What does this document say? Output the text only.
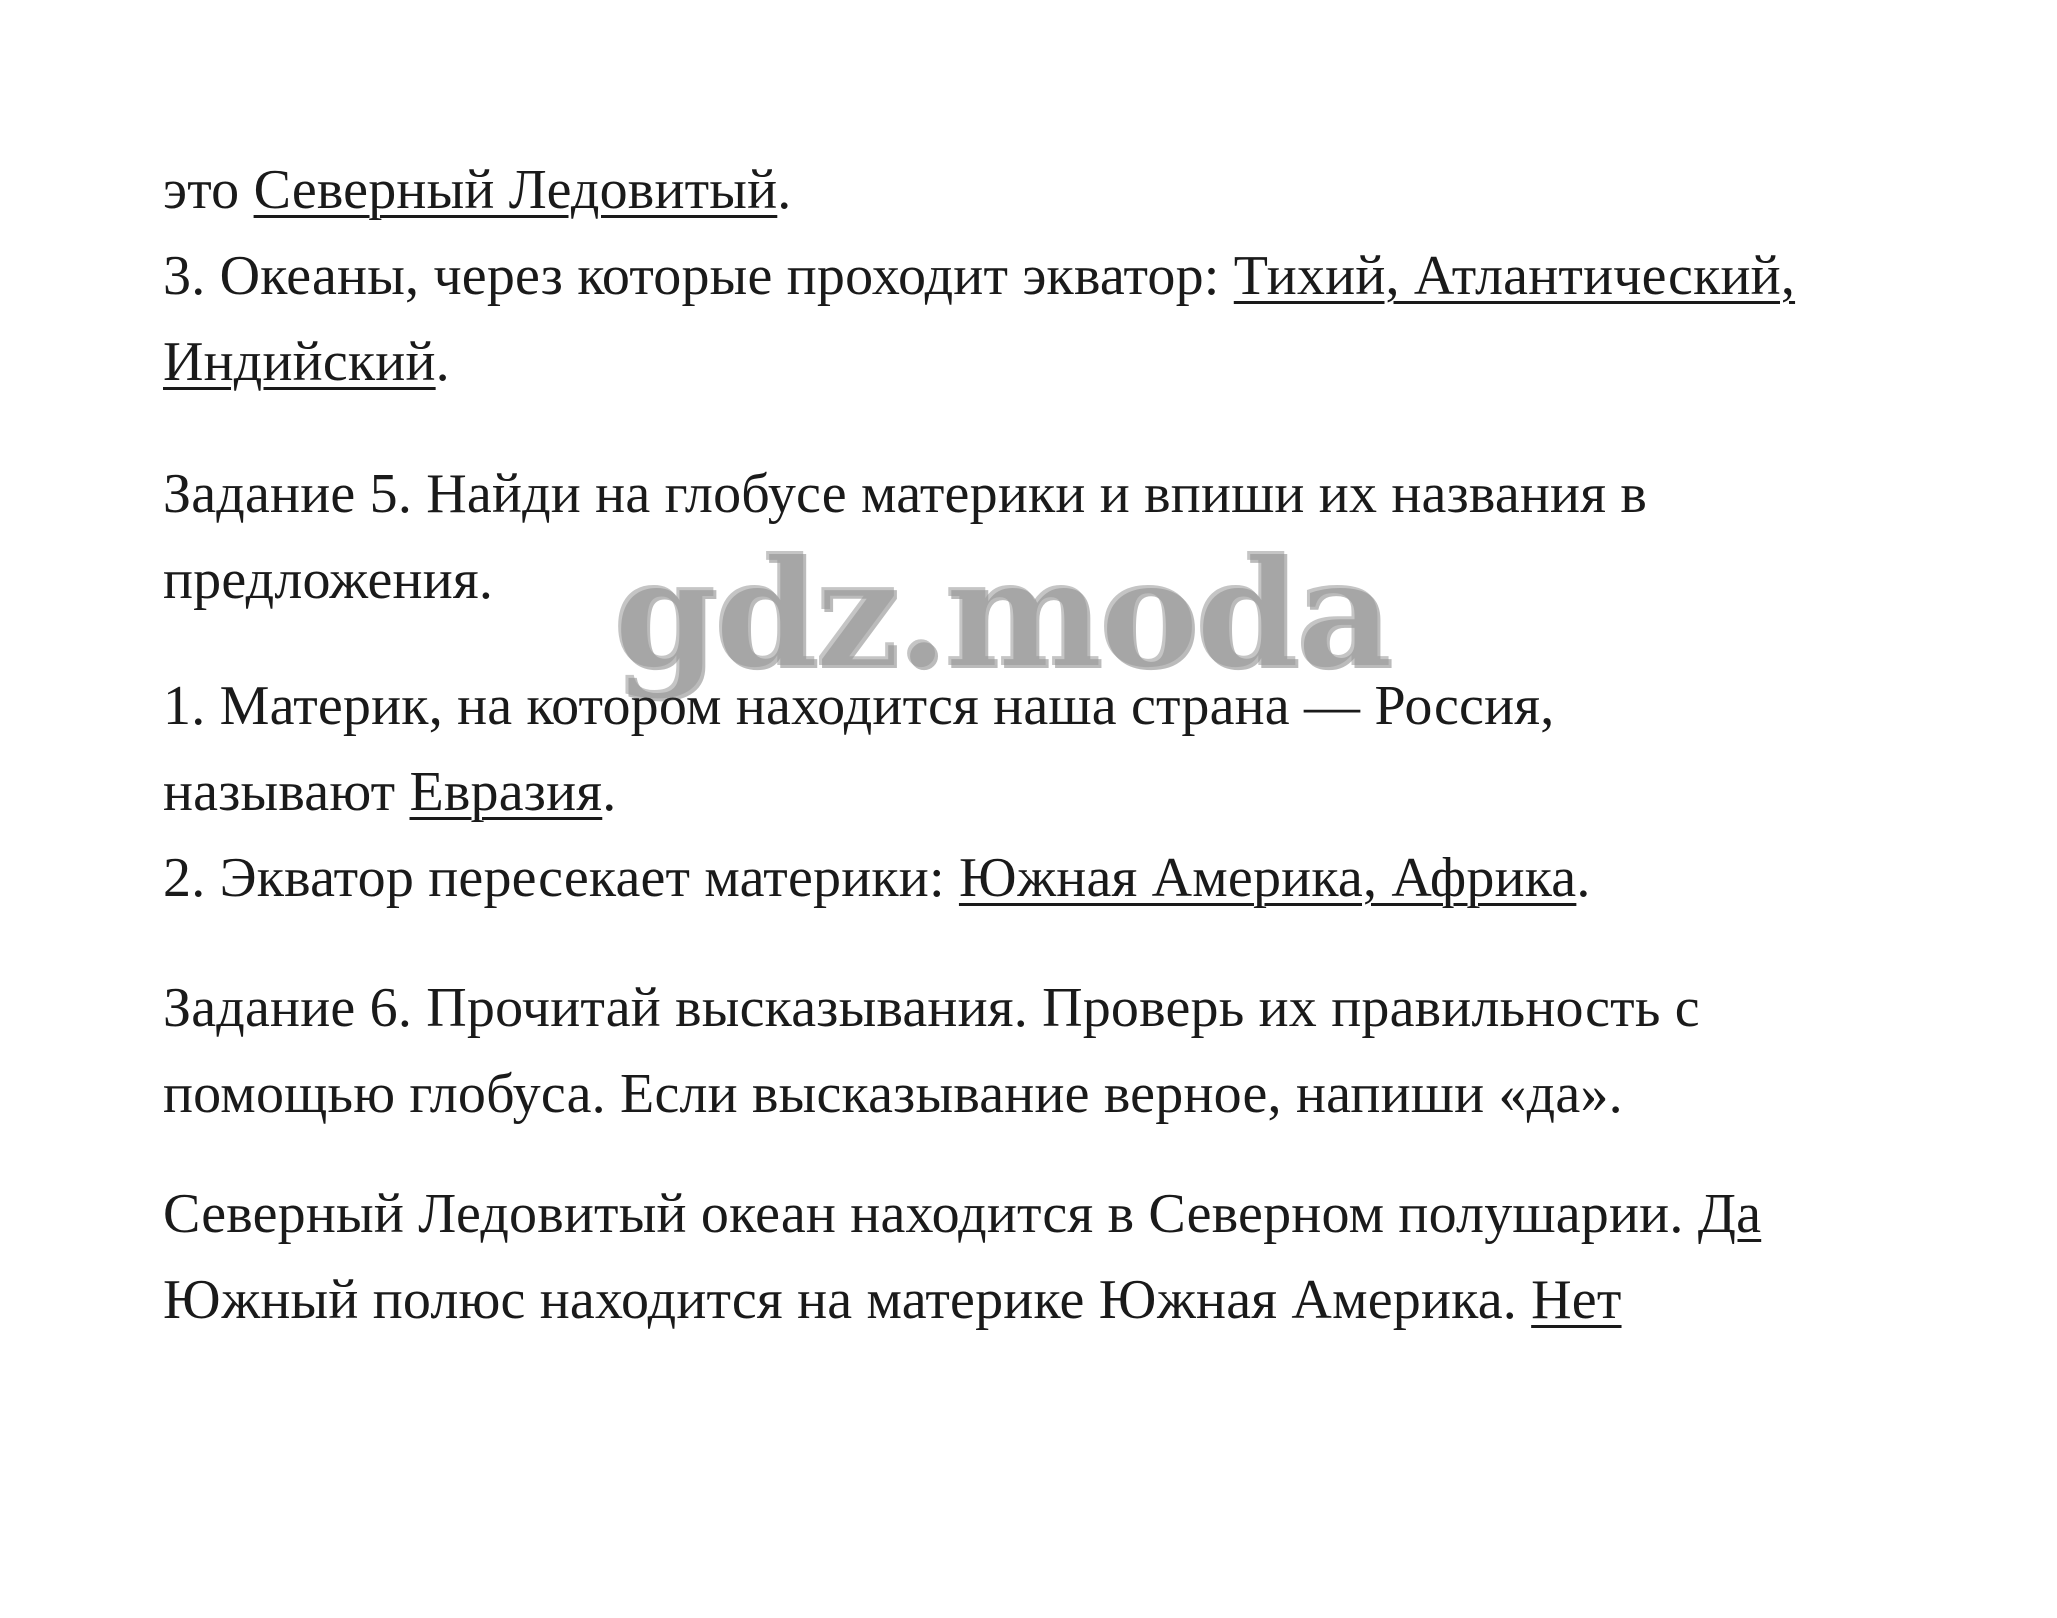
это Северный Ледовитый.
3. Океаны, через которые проходит экватор: Тихий, Атлантический,
Индийский.
Задание 5. Найди на глобусе материки и впиши их названия в
предложения.
1. Материк, на котором находится наша страна — Россия,
называют Евразия.
2. Экватор пересекает материки: Южная Америка, Африка.
Задание 6. Прочитай высказывания. Проверь их правильность с
помощью глобуса. Если высказывание верное, напиши «да».
Северный Ледовитый океан находится в Северном полушарии. Да
Южный полюс находится на материке Южная Америка. Нет
gdz.moda
